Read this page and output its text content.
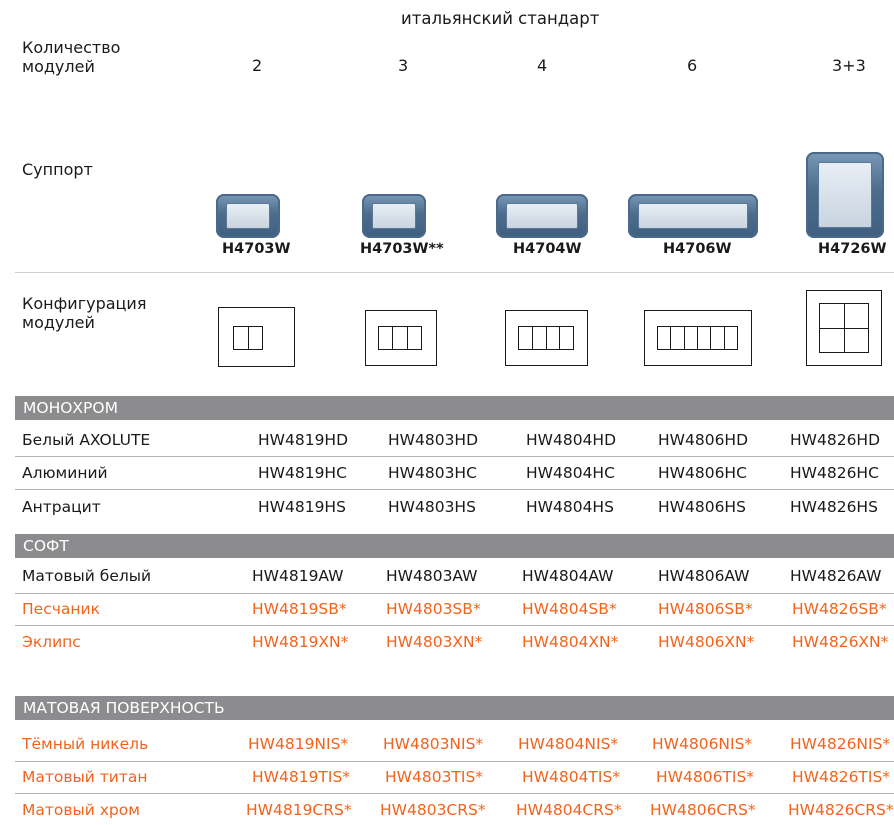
итальянский стандарт
Количество
модулей	2	3	4	6	3+3
Суппорт
H4703W	H4703W**	H4704W	H4706W	H4726W
Конфигурация
модулей
МОНОХРОМ
Белый AXOLUTE	HW4819HD	HW4803HD	HW4804HD	HW4806HD	HW4826HD
Алюминий	HW4819HC	HW4803HC	HW4804HC	HW4806HC	HW4826HC
Антрацит	HW4819HS	HW4803HS	HW4804HS	HW4806HS	HW4826HS
СОФТ
Матовый белый	HW4819AW	HW4803AW	HW4804AW	HW4806AW	HW4826AW
Песчаник	HW4819SB*	HW4803SB*	HW4804SB*	HW4806SB*	HW4826SB*
Эклипс	HW4819XN* HW4803XN*	HW4804XN*	HW4806XN* HW4826XN*
МАТОВАЯ ПОВЕРХНОСТЬ
Тёмный никель	HW4819NIS* HW4803NIS* HW4804NIS* HW4806NIS* HW4826NIS*
Матовый титан	HW4819TIS* HW4803TIS*	HW4804TIS* HW4806TIS* HW4826TIS*
Матовый хром	HW4819CRS* HW4803CRS* HW4804CRS* HW4806CRS* HW4826CRS*
